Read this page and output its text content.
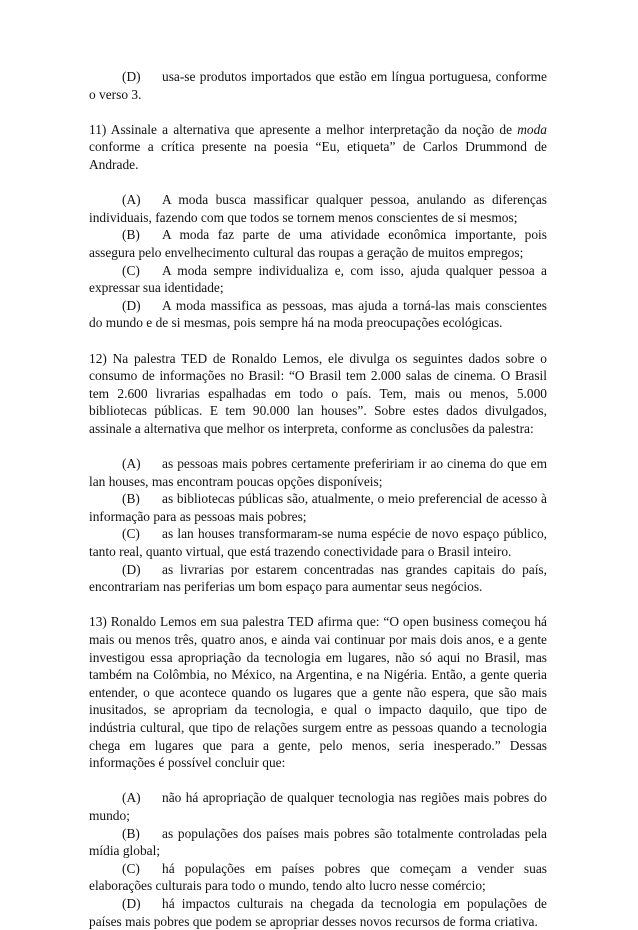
(D) usa-se produtos importados que estão em língua portuguesa, conforme o verso 3.
11) Assinale a alternativa que apresente a melhor interpretação da noção de moda conforme a crítica presente na poesia “Eu, etiqueta” de Carlos Drummond de Andrade.
(A) A moda busca massificar qualquer pessoa, anulando as diferenças individuais, fazendo com que todos se tornem menos conscientes de si mesmos;
(B) A moda faz parte de uma atividade econômica importante, pois assegura pelo envelhecimento cultural das roupas a geração de muitos empregos;
(C) A moda sempre individualiza e, com isso, ajuda qualquer pessoa a expressar sua identidade;
(D) A moda massifica as pessoas, mas ajuda a torná-las mais conscientes do mundo e de si mesmas, pois sempre há na moda preocupações ecológicas.
12) Na palestra TED de Ronaldo Lemos, ele divulga os seguintes dados sobre o consumo de informações no Brasil: “O Brasil tem 2.000 salas de cinema. O Brasil tem 2.600 livrarias espalhadas em todo o país. Tem, mais ou menos, 5.000 bibliotecas públicas. E tem 90.000 lan houses”. Sobre estes dados divulgados, assinale a alternativa que melhor os interpreta, conforme as conclusões da palestra:
(A) as pessoas mais pobres certamente prefeririam ir ao cinema do que em lan houses, mas encontram poucas opções disponíveis;
(B) as bibliotecas públicas são, atualmente, o meio preferencial de acesso à informação para as pessoas mais pobres;
(C) as lan houses transformaram-se numa espécie de novo espaço público, tanto real, quanto virtual, que está trazendo conectividade para o Brasil inteiro.
(D) as livrarias por estarem concentradas nas grandes capitais do país, encontrariam nas periferias um bom espaço para aumentar seus negócios.
13) Ronaldo Lemos em sua palestra TED afirma que: “O open business começou há mais ou menos três, quatro anos, e ainda vai continuar por mais dois anos, e a gente investigou essa apropriação da tecnologia em lugares, não só aqui no Brasil, mas também na Colômbia, no México, na Argentina, e na Nigéria. Então, a gente queria entender, o que acontece quando os lugares que a gente não espera, que são mais inusitados, se apropriam da tecnologia, e qual o impacto daquilo, que tipo de indústria cultural, que tipo de relações surgem entre as pessoas quando a tecnologia chega em lugares que para a gente, pelo menos, seria inesperado.” Dessas informações é possível concluir que:
(A) não há apropriação de qualquer tecnologia nas regiões mais pobres do mundo;
(B) as populações dos países mais pobres são totalmente controladas pela mídia global;
(C) há populações em países pobres que começam a vender suas elaborações culturais para todo o mundo, tendo alto lucro nesse comércio;
(D) há impactos culturais na chegada da tecnologia em populações de países mais pobres que podem se apropriar desses novos recursos de forma criativa.
